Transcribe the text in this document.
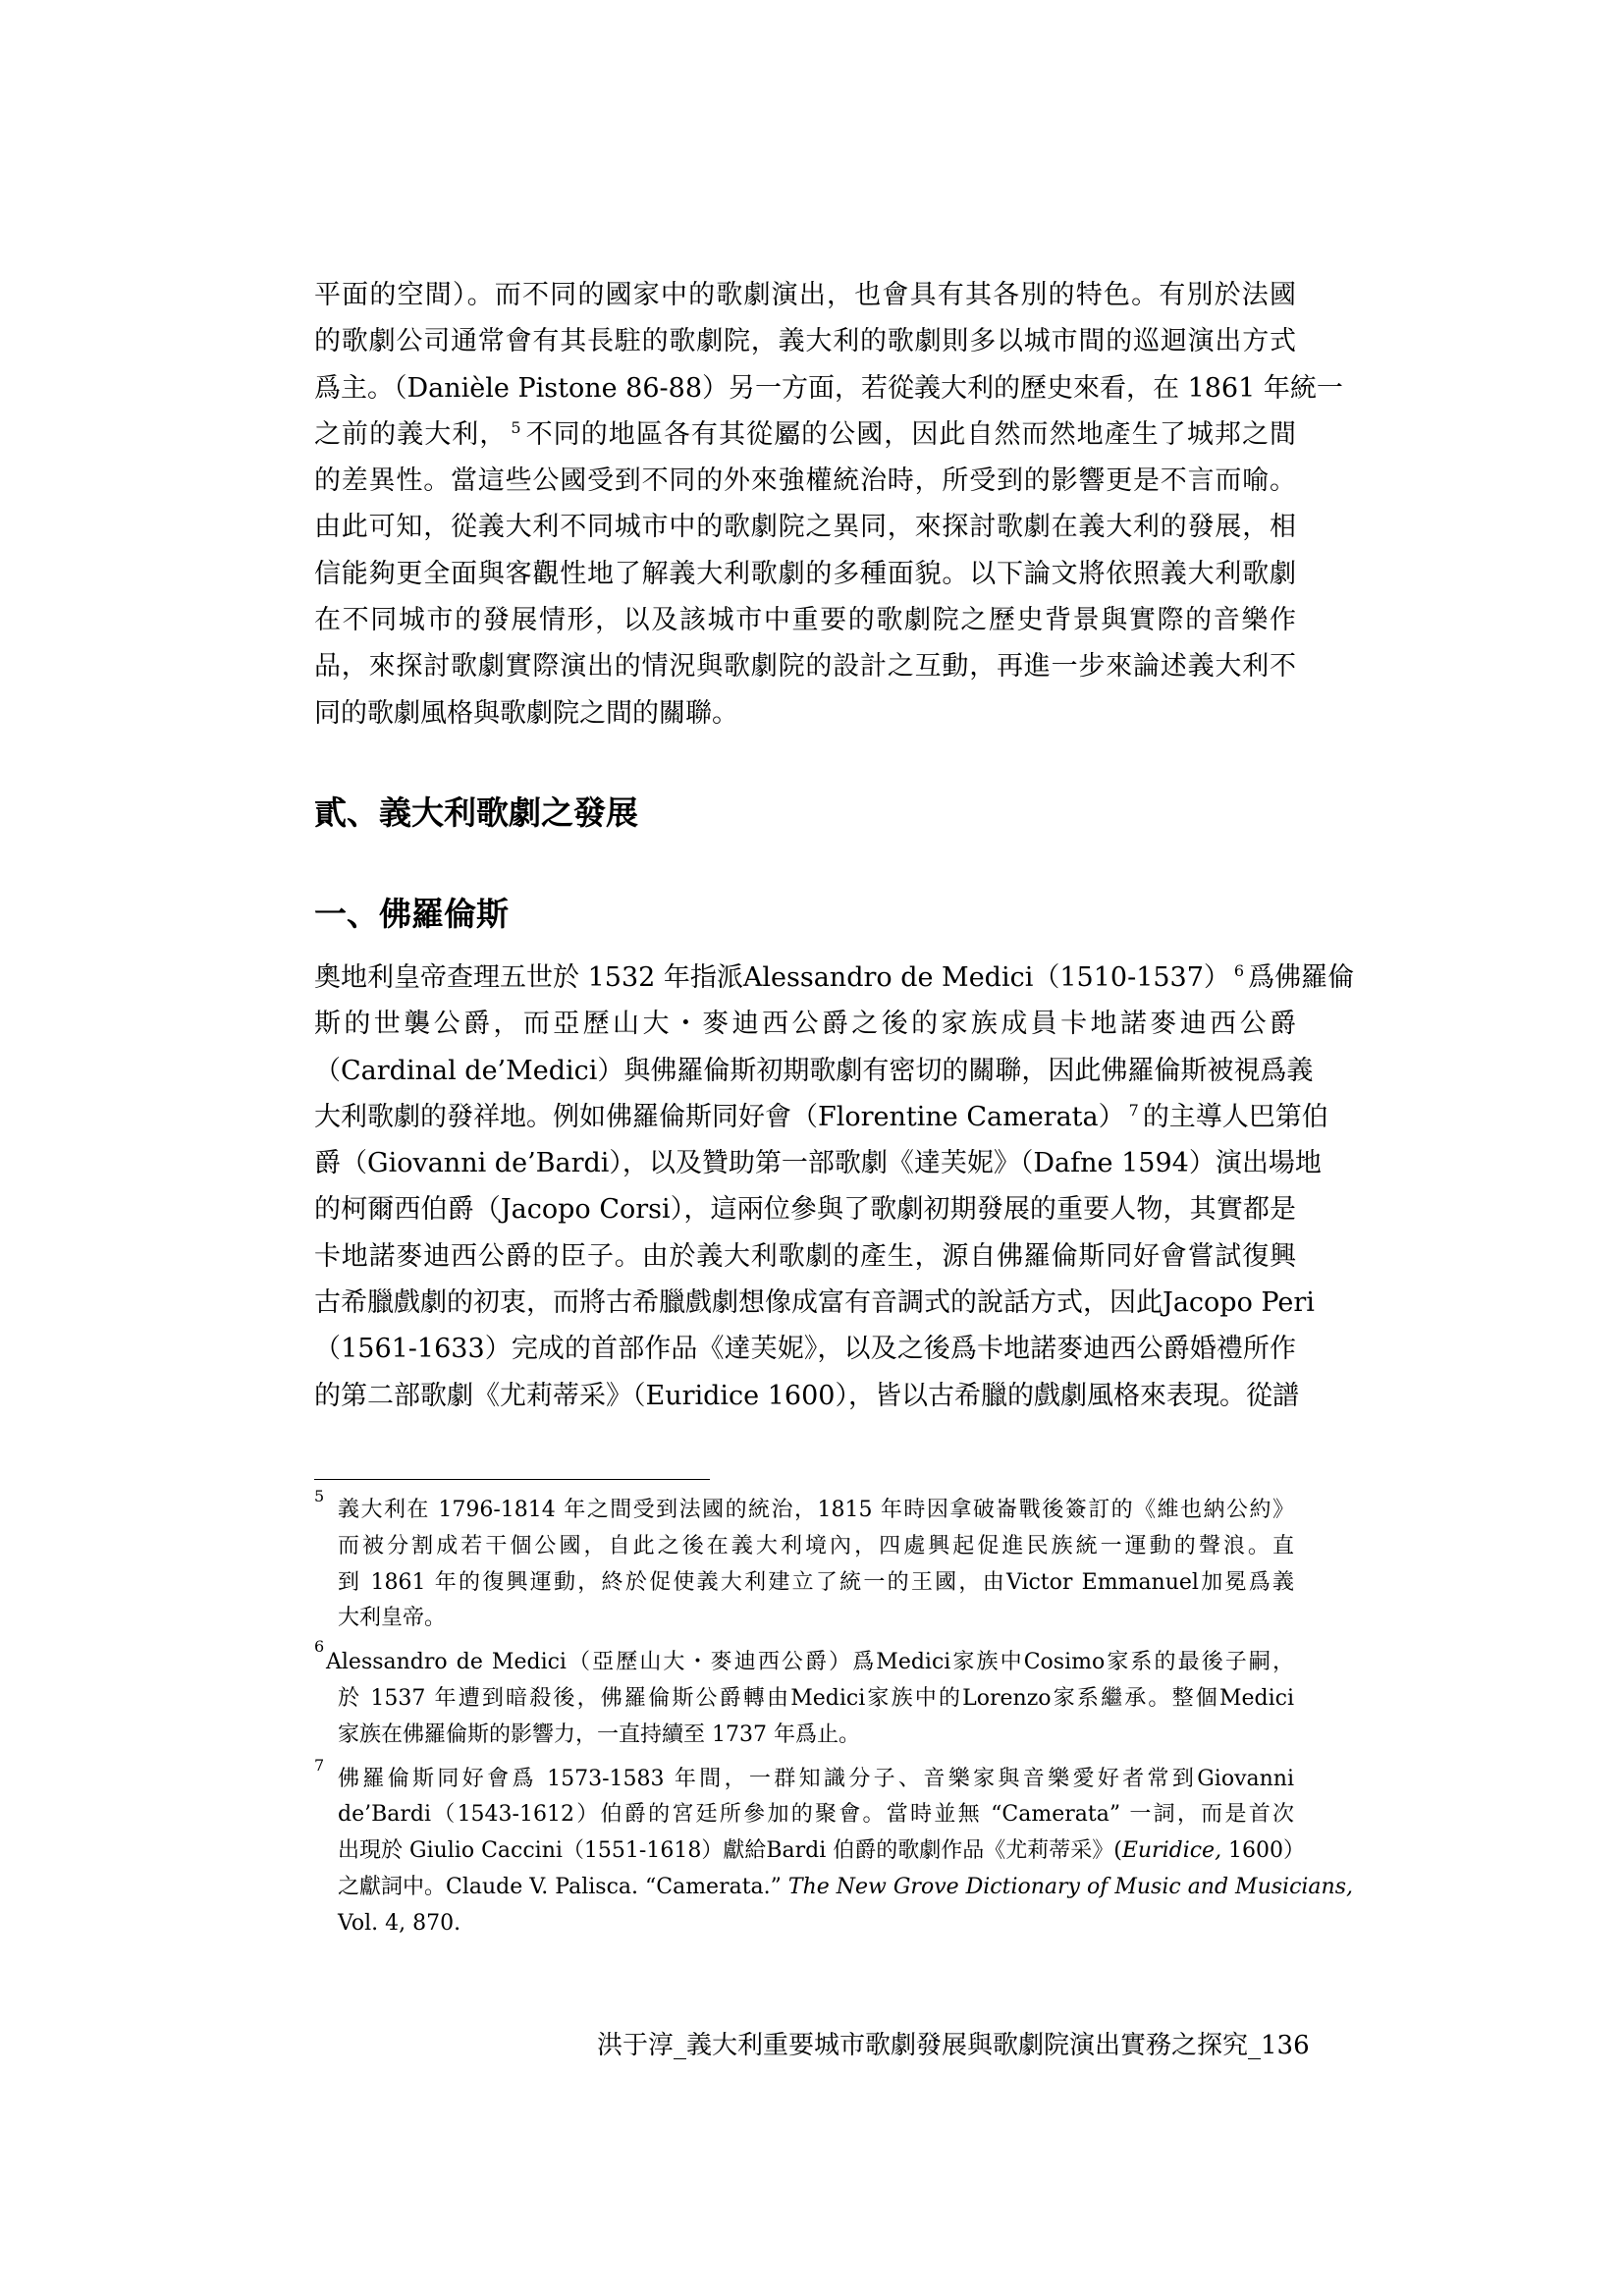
平面的空間）。而不同的國家中的歌劇演出，也會具有其各別的特色。有別於法國
的歌劇公司通常會有其長駐的歌劇院，義大利的歌劇則多以城市間的巡迴演出方式
爲主。（Danièle Pistone 86-88）另一方面，若從義大利的歷史來看，在 1861 年統一
之前的義大利， $^5$ 不同的地區各有其從屬的公國，因此自然而然地產生了城邦之間
的差異性。當這些公國受到不同的外來強權統治時，所受到的影響更是不言而喻。
由此可知，從義大利不同城市中的歌劇院之異同，來探討歌劇在義大利的發展，相
信能夠更全面與客觀性地了解義大利歌劇的多種面貌。以下論文將依照義大利歌劇
在不同城市的發展情形，以及該城市中重要的歌劇院之歷史背景與實際的音樂作
品，來探討歌劇實際演出的情況與歌劇院的設計之互動，再進一步來論述義大利不
同的歌劇風格與歌劇院之間的關聯。

貳、義大利歌劇之發展
一、佛羅倫斯

奧地利皇帝查理五世於 1532 年指派Alessandro de Medici（1510-1537） $^6$ 爲佛羅倫
斯的世襲公爵，而亞歷山大・麥迪西公爵之後的家族成員卡地諾麥迪西公爵
（Cardinal de’Medici）與佛羅倫斯初期歌劇有密切的關聯，因此佛羅倫斯被視爲義
大利歌劇的發祥地。例如佛羅倫斯同好會（Florentine Camerata） $^7$ 的主導人巴第伯
爵（Giovanni de’Bardi），以及贊助第一部歌劇《達芙妮》（Dafne 1594）演出場地
的柯爾西伯爵（Jacopo Corsi），這兩位參與了歌劇初期發展的重要人物，其實都是
卡地諾麥迪西公爵的臣子。由於義大利歌劇的產生，源自佛羅倫斯同好會嘗試復興
古希臘戲劇的初衷，而將古希臘戲劇想像成富有音調式的說話方式，因此Jacopo Peri
（1561-1633）完成的首部作品《達芙妮》，以及之後爲卡地諾麥迪西公爵婚禮所作
的第二部歌劇《尤莉蒂采》（Euridice 1600），皆以古希臘的戲劇風格來表現。從譜

5
義大利在 1796-1814 年之間受到法國的統治，1815 年時因拿破崙戰後簽訂的《維也納公約》
而被分割成若干個公國，自此之後在義大利境內，四處興起促進民族統一運動的聲浪。直
到 1861 年的復興運動，終於促使義大利建立了統一的王國，由Victor Emmanuel加冕爲義
大利皇帝。
6
Alessandro de Medici（亞歷山大・麥迪西公爵）爲Medici家族中Cosimo家系的最後子嗣，
於 1537 年遭到暗殺後，佛羅倫斯公爵轉由Medici家族中的Lorenzo家系繼承。整個Medici
家族在佛羅倫斯的影響力，一直持續至 1737 年爲止。
7
佛羅倫斯同好會爲 1573-1583 年間，一群知識分子、音樂家與音樂愛好者常到Giovanni
de’Bardi（1543-1612）伯爵的宮廷所參加的聚會。當時並無 “Camerata” 一詞，而是首次
出現於 Giulio Caccini（1551-1618）獻給Bardi 伯爵的歌劇作品《尤莉蒂采》(Euridice, 1600）
之獻詞中。Claude V. Palisca. “Camerata.” The New Grove Dictionary of Music and Musicians,
Vol. 4, 870.
洪于淳_義大利重要城市歌劇發展與歌劇院演出實務之探究_136
